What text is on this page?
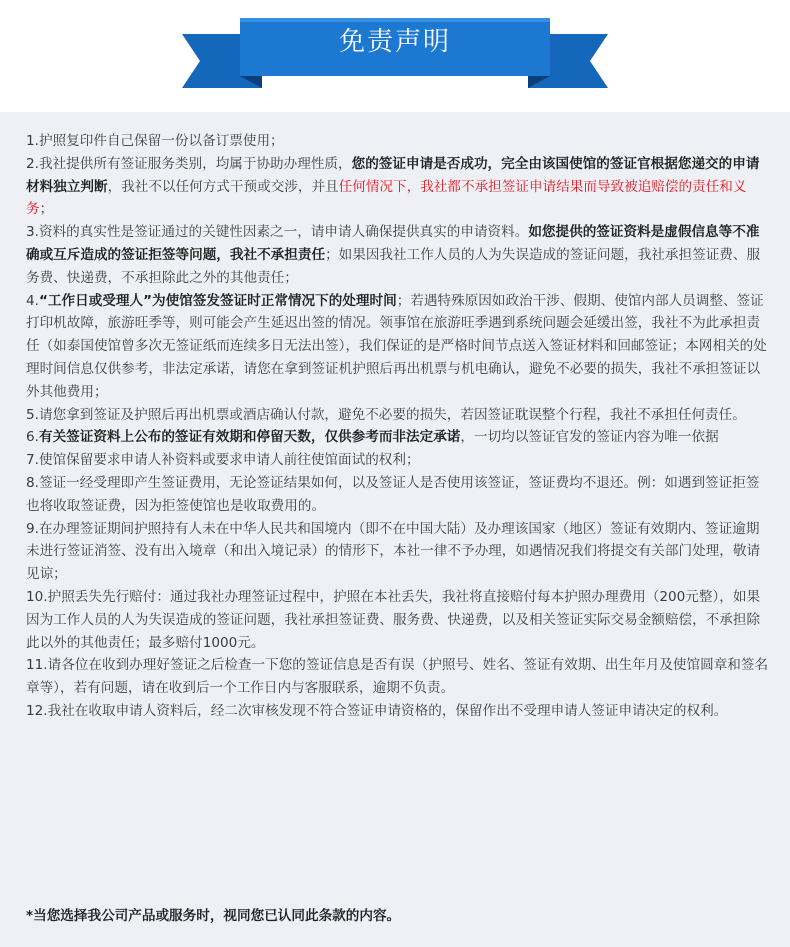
免责声明

1.护照复印件自己保留一份以备订票使用；

2.我社提供所有签证服务类别，均属于协助办理性质，您的签证申请是否成功，完全由该国使馆的签证官根据您递交的申请材料独立判断，我社不以任何方式干预或交涉，并且任何情况下，我社都不承担签证申请结果而导致被追赔偿的责任和义务；

3.资料的真实性是签证通过的关键性因素之一，请申请人确保提供真实的申请资料。如您提供的签证资料是虚假信息等不准确或互斥造成的签证拒签等问题，我社不承担责任；如果因我社工作人员的人为失误造成的签证问题，我社承担签证费、服务费、快递费，不承担除此之外的其他责任；

4.“工作日或受理人”为使馆签发签证时正常情况下的处理时间；若遇特殊原因如政治干涉、假期、使馆内部人员调整、签证打印机故障，旅游旺季等，则可能会产生延迟出签的情况。领事馆在旅游旺季遇到系统问题会延缓出签，我社不为此承担责任（如泰国使馆曾多次无签证纸而连续多日无法出签），我们保证的是严格时间节点送入签证材料和回邮签证；本网相关的处理时间信息仅供参考，非法定承诺，请您在拿到签证机护照后再出机票与机电确认，避免不必要的损失，我社不承担签证以外其他费用；

5.请您拿到签证及护照后再出机票或酒店确认付款，避免不必要的损失，若因签证耽误整个行程，我社不承担任何责任。

6.有关签证资料上公布的签证有效期和停留天数，仅供参考而非法定承诺，一切均以签证官发的签证内容为唯一依据

7.使馆保留要求申请人补资料或要求申请人前往使馆面试的权利；

8.签证一经受理即产生签证费用，无论签证结果如何，以及签证人是否使用该签证，签证费均不退还。例：如遇到签证拒签也将收取签证费，因为拒签使馆也是收取费用的。

9.在办理签证期间护照持有人未在中华人民共和国境内（即不在中国大陆）及办理该国家（地区）签证有效期内、签证逾期未进行签证消签、没有出入境章（和出入境记录）的情形下，本社一律不予办理，如遇情况我们将提交有关部门处理，敬请见谅；

10.护照丢失先行赔付：通过我社办理签证过程中，护照在本社丢失，我社将直接赔付每本护照办理费用（200元整），如果因为工作人员的人为失误造成的签证问题，我社承担签证费、服务费、快递费，以及相关签证实际交易金额赔偿，不承担除此以外的其他责任；最多赔付1000元。

11.请各位在收到办理好签证之后检查一下您的签证信息是否有误（护照号、姓名、签证有效期、出生年月及使馆圆章和签名章等），若有问题，请在收到后一个工作日内与客服联系，逾期不负责。

12.我社在收取申请人资料后，经二次审核发现不符合签证申请资格的，保留作出不受理申请人签证申请决定的权利。

*当您选择我公司产品或服务时，视同您已认同此条款的内容。
